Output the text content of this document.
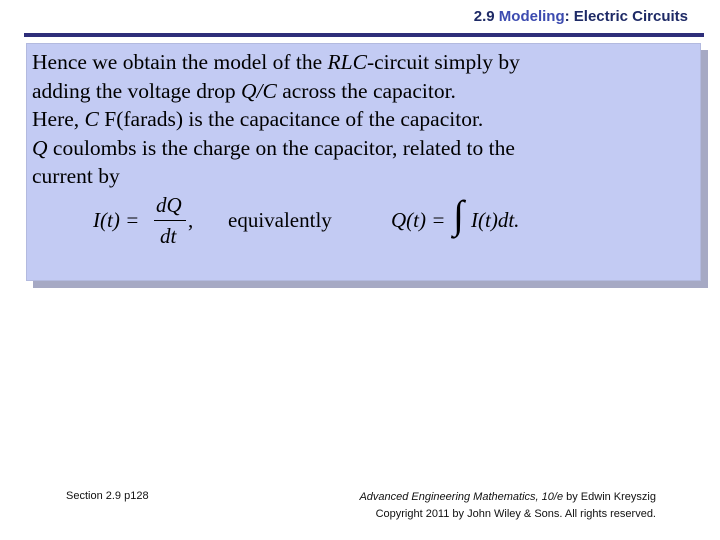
2.9 Modeling: Electric Circuits

Hence we obtain the model of the RLC-circuit simply by

adding the voltage drop Q/C across the capacitor.

Here, C F(farads) is the capacitance of the capacitor.

Q coulombs is the charge on the capacitor, related to the

current by

I(t) =
dQ
dt
, equivalently	Q(t) = ∫ I(t)dt.
Section 2.9 p128	Advanced Engineering Mathematics, 10/e by Edwin Kreyszig
Copyright 2011 by John Wiley & Sons. All rights reserved.
